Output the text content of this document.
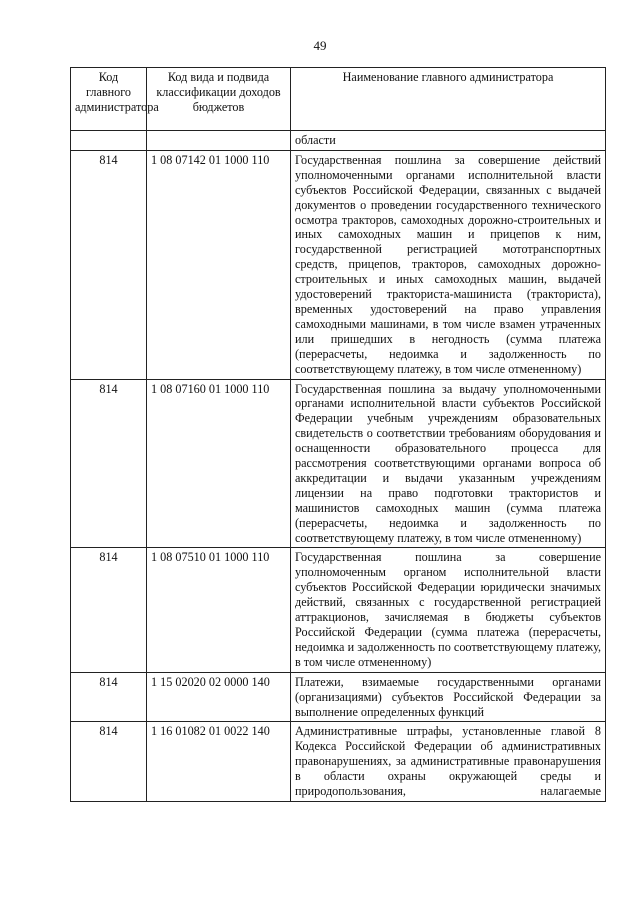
49
Код главного администратора	Код вида и подвида классификации доходов бюджетов	Наименование главного администратора
		области
814	1 08 07142 01 1000 110	Государственная пошлина за совершение действий уполномоченными органами исполнительной власти субъектов Российской Федерации, связанных с выдачей документов о проведении государственного технического осмотра тракторов, самоходных дорожно-строительных и иных самоходных машин и прицепов к ним, государственной регистрацией мототранспортных средств, прицепов, тракторов, самоходных дорожно-строительных и иных самоходных машин, выдачей удостоверений тракториста-машиниста (тракториста), временных удостоверений на право управления самоходными машинами, в том числе взамен утраченных или пришедших в негодность (сумма платежа (перерасчеты, недоимка и задолженность по соответствующему платежу, в том числе отмененному)
814	1 08 07160 01 1000 110	Государственная пошлина за выдачу уполномоченными органами исполнительной власти субъектов Российской Федерации учебным учреждениям образовательных свидетельств о соответствии требованиям оборудования и оснащенности образовательного процесса для рассмотрения соответствующими органами вопроса об аккредитации и выдачи указанным учреждениям лицензии на право подготовки трактористов и машинистов самоходных машин (сумма платежа (перерасчеты, недоимка и задолженность по соответствующему платежу, в том числе отмененному)
814	1 08 07510 01 1000 110	Государственная пошлина за совершение уполномоченным органом исполнительной власти субъектов Российской Федерации юридически значимых действий, связанных с государственной регистрацией аттракционов, зачисляемая в бюджеты субъектов Российской Федерации (сумма платежа (перерасчеты, недоимка и задолженность по соответствующему платежу, в том числе отмененному)
814	1 15 02020 02 0000 140	Платежи, взимаемые государственными органами (организациями) субъектов Российской Федерации за выполнение определенных функций
814	1 16 01082 01 0022 140	Административные штрафы, установленные главой 8 Кодекса Российской Федерации об административных правонарушениях, за административные правонарушения в области охраны окружающей среды и природопользования, налагаемые
